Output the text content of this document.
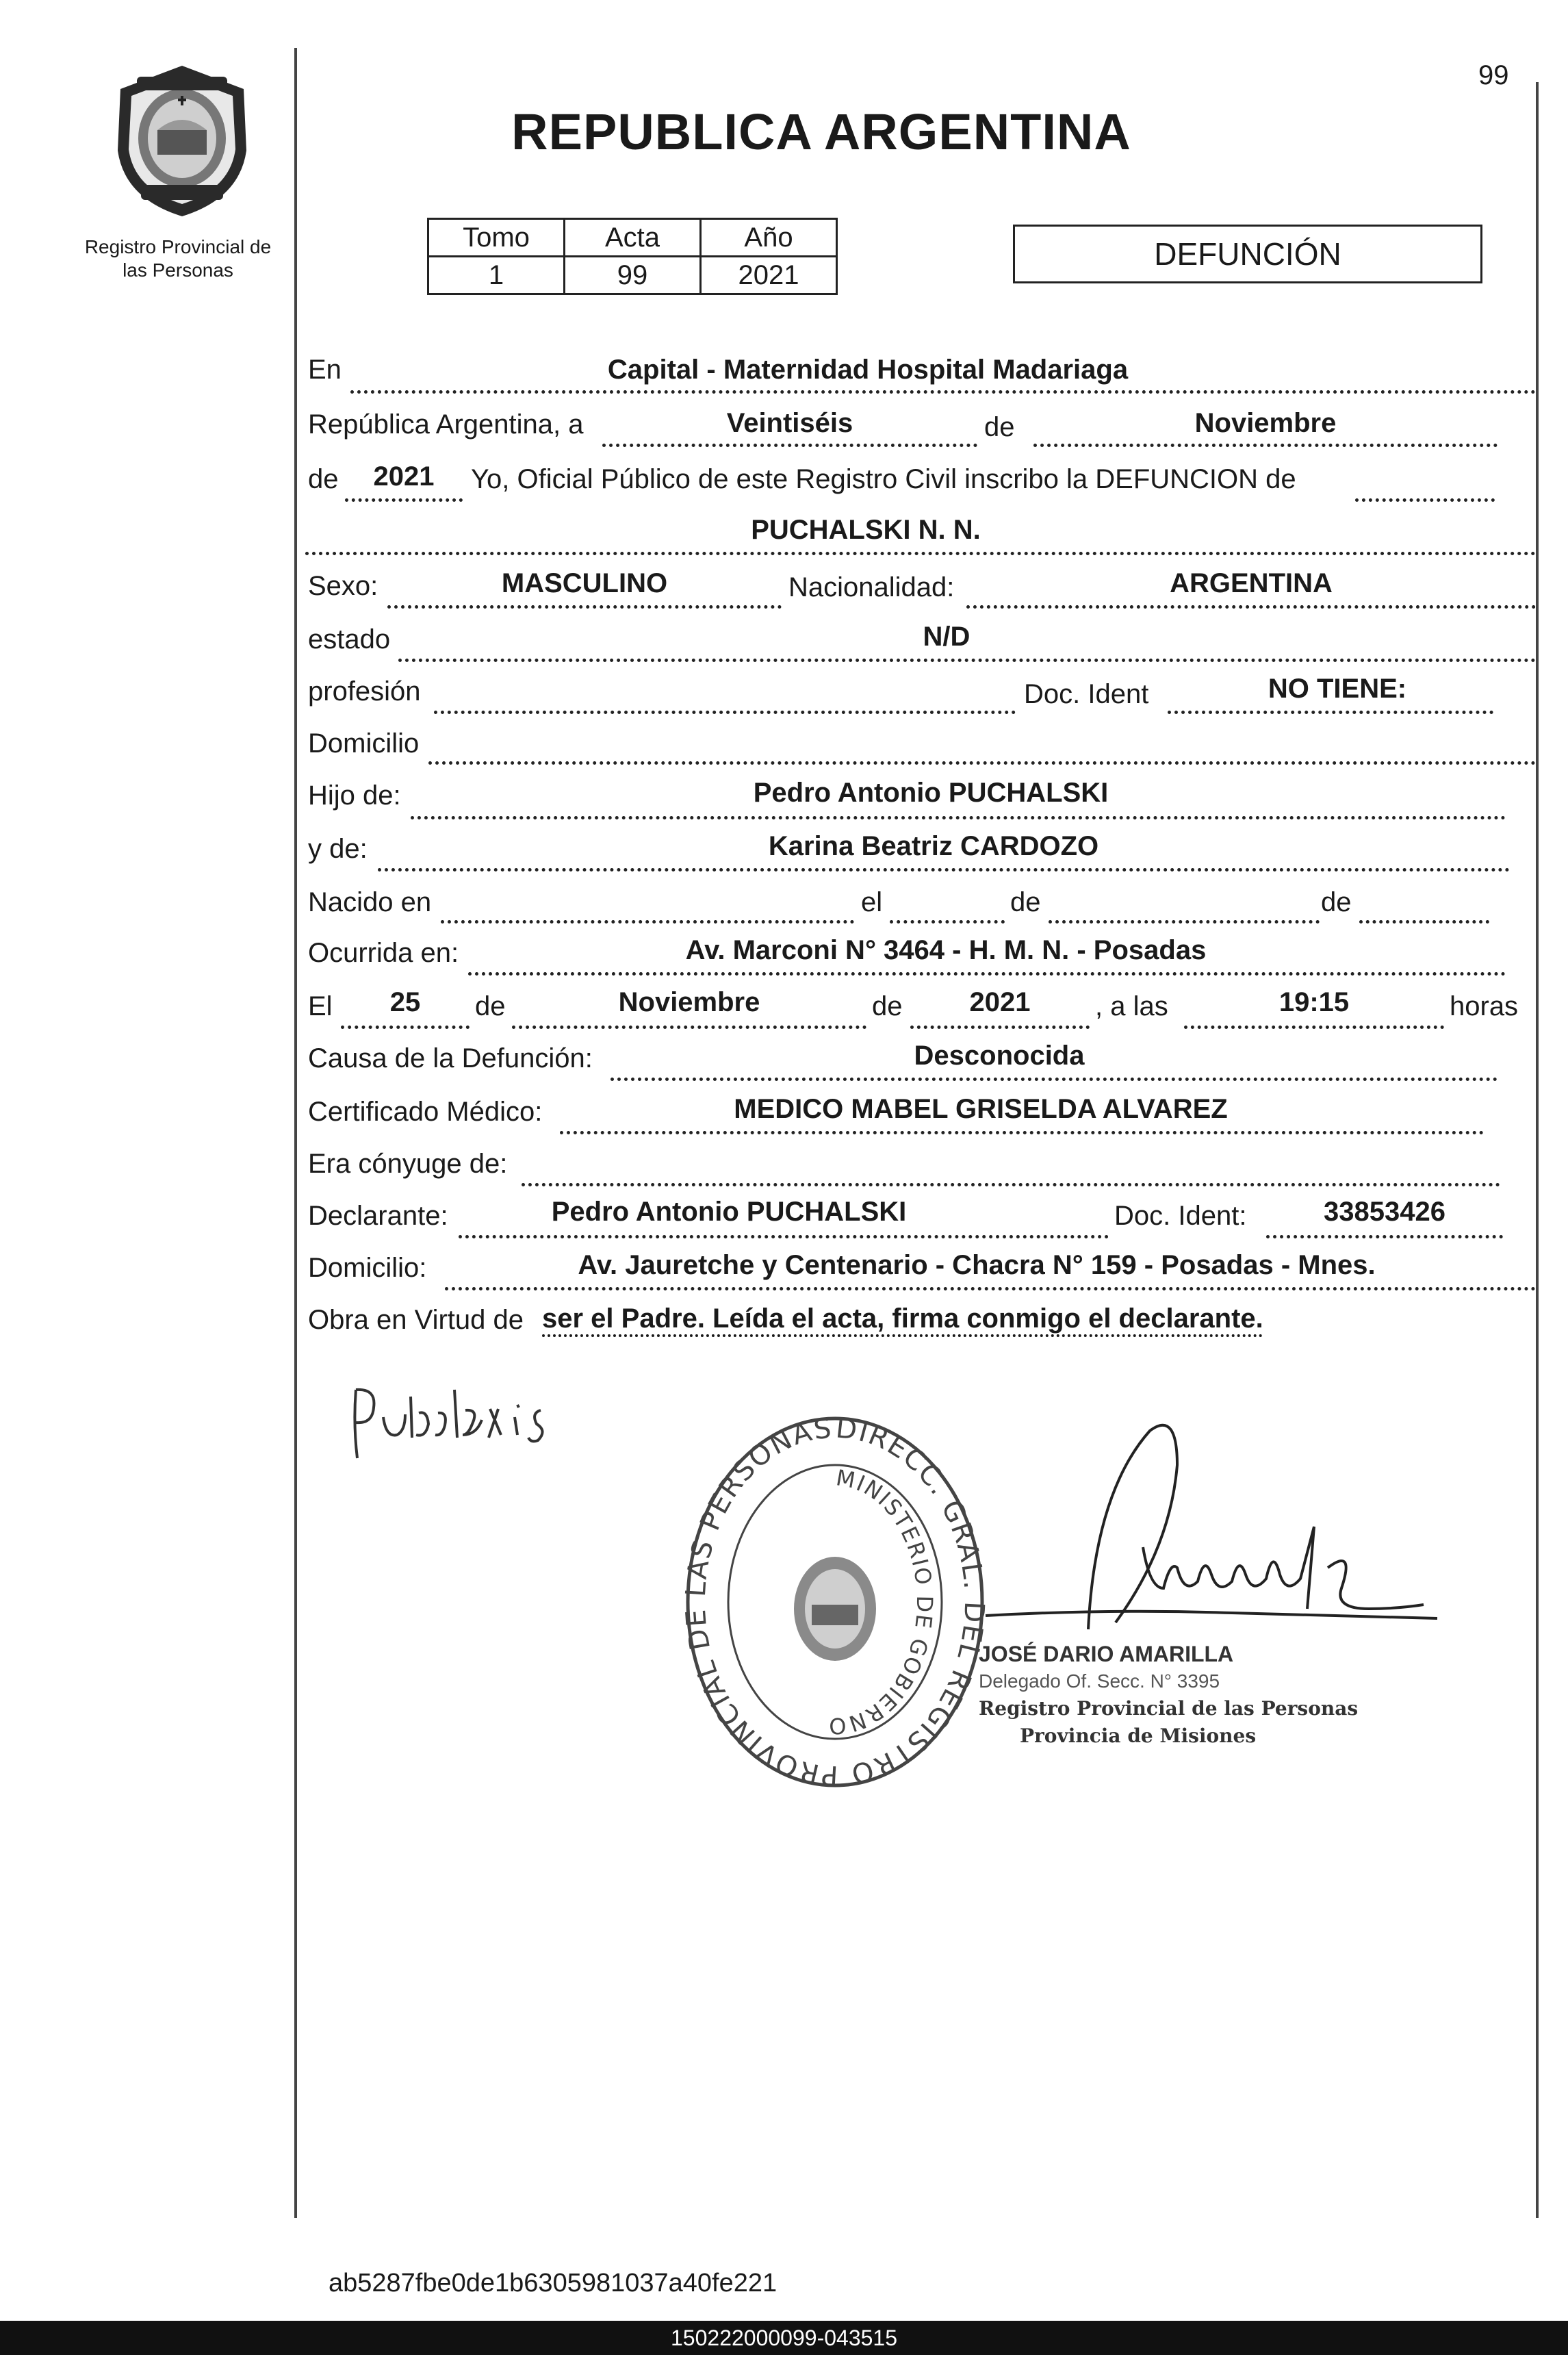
99
Registro Provincial de
las Personas
REPUBLICA ARGENTINA
Tomo	Acta	Año
1	99	2021
DEFUNCIÓN
En	Capital - Maternidad Hospital Madariaga
República Argentina, a	Veintiséis	de	Noviembre
de	2021	Yo, Oficial Público de este Registro Civil inscribo la DEFUNCION de
PUCHALSKI N. N.
Sexo:	MASCULINO	Nacionalidad:	ARGENTINA
estado	N/D
profesión	Doc. Ident	NO TIENE:
Domicilio
Hijo de:	Pedro Antonio PUCHALSKI
y de:	Karina Beatriz CARDOZO
Nacido en	el	de	de
Ocurrida en:	Av. Marconi N° 3464 - H. M. N. - Posadas
El	25	de	Noviembre	de	2021	, a las	19:15	horas
Causa de la Defunción:	Desconocida
Certificado Médico:	MEDICO MABEL GRISELDA ALVAREZ
Era cónyuge de:
Declarante:	Pedro Antonio PUCHALSKI	Doc. Ident:	33853426
Domicilio:	Av. Jauretche y Centenario - Chacra N° 159 - Posadas - Mnes.
Obra en Virtud de ser el Padre. Leída el acta, firma conmigo el declarante.
DIRECC. GRAL. DEL REGISTRO PROVINCIAL DE LAS PERSONAS
MINISTERIO DE GOBIERNO
JOSÉ DARIO AMARILLA
Delegado Of. Secc. N° 3395
Registro Provincial de las Personas
Provincia de Misiones
ab5287fbe0de1b6305981037a40fe221
150222000099-043515
